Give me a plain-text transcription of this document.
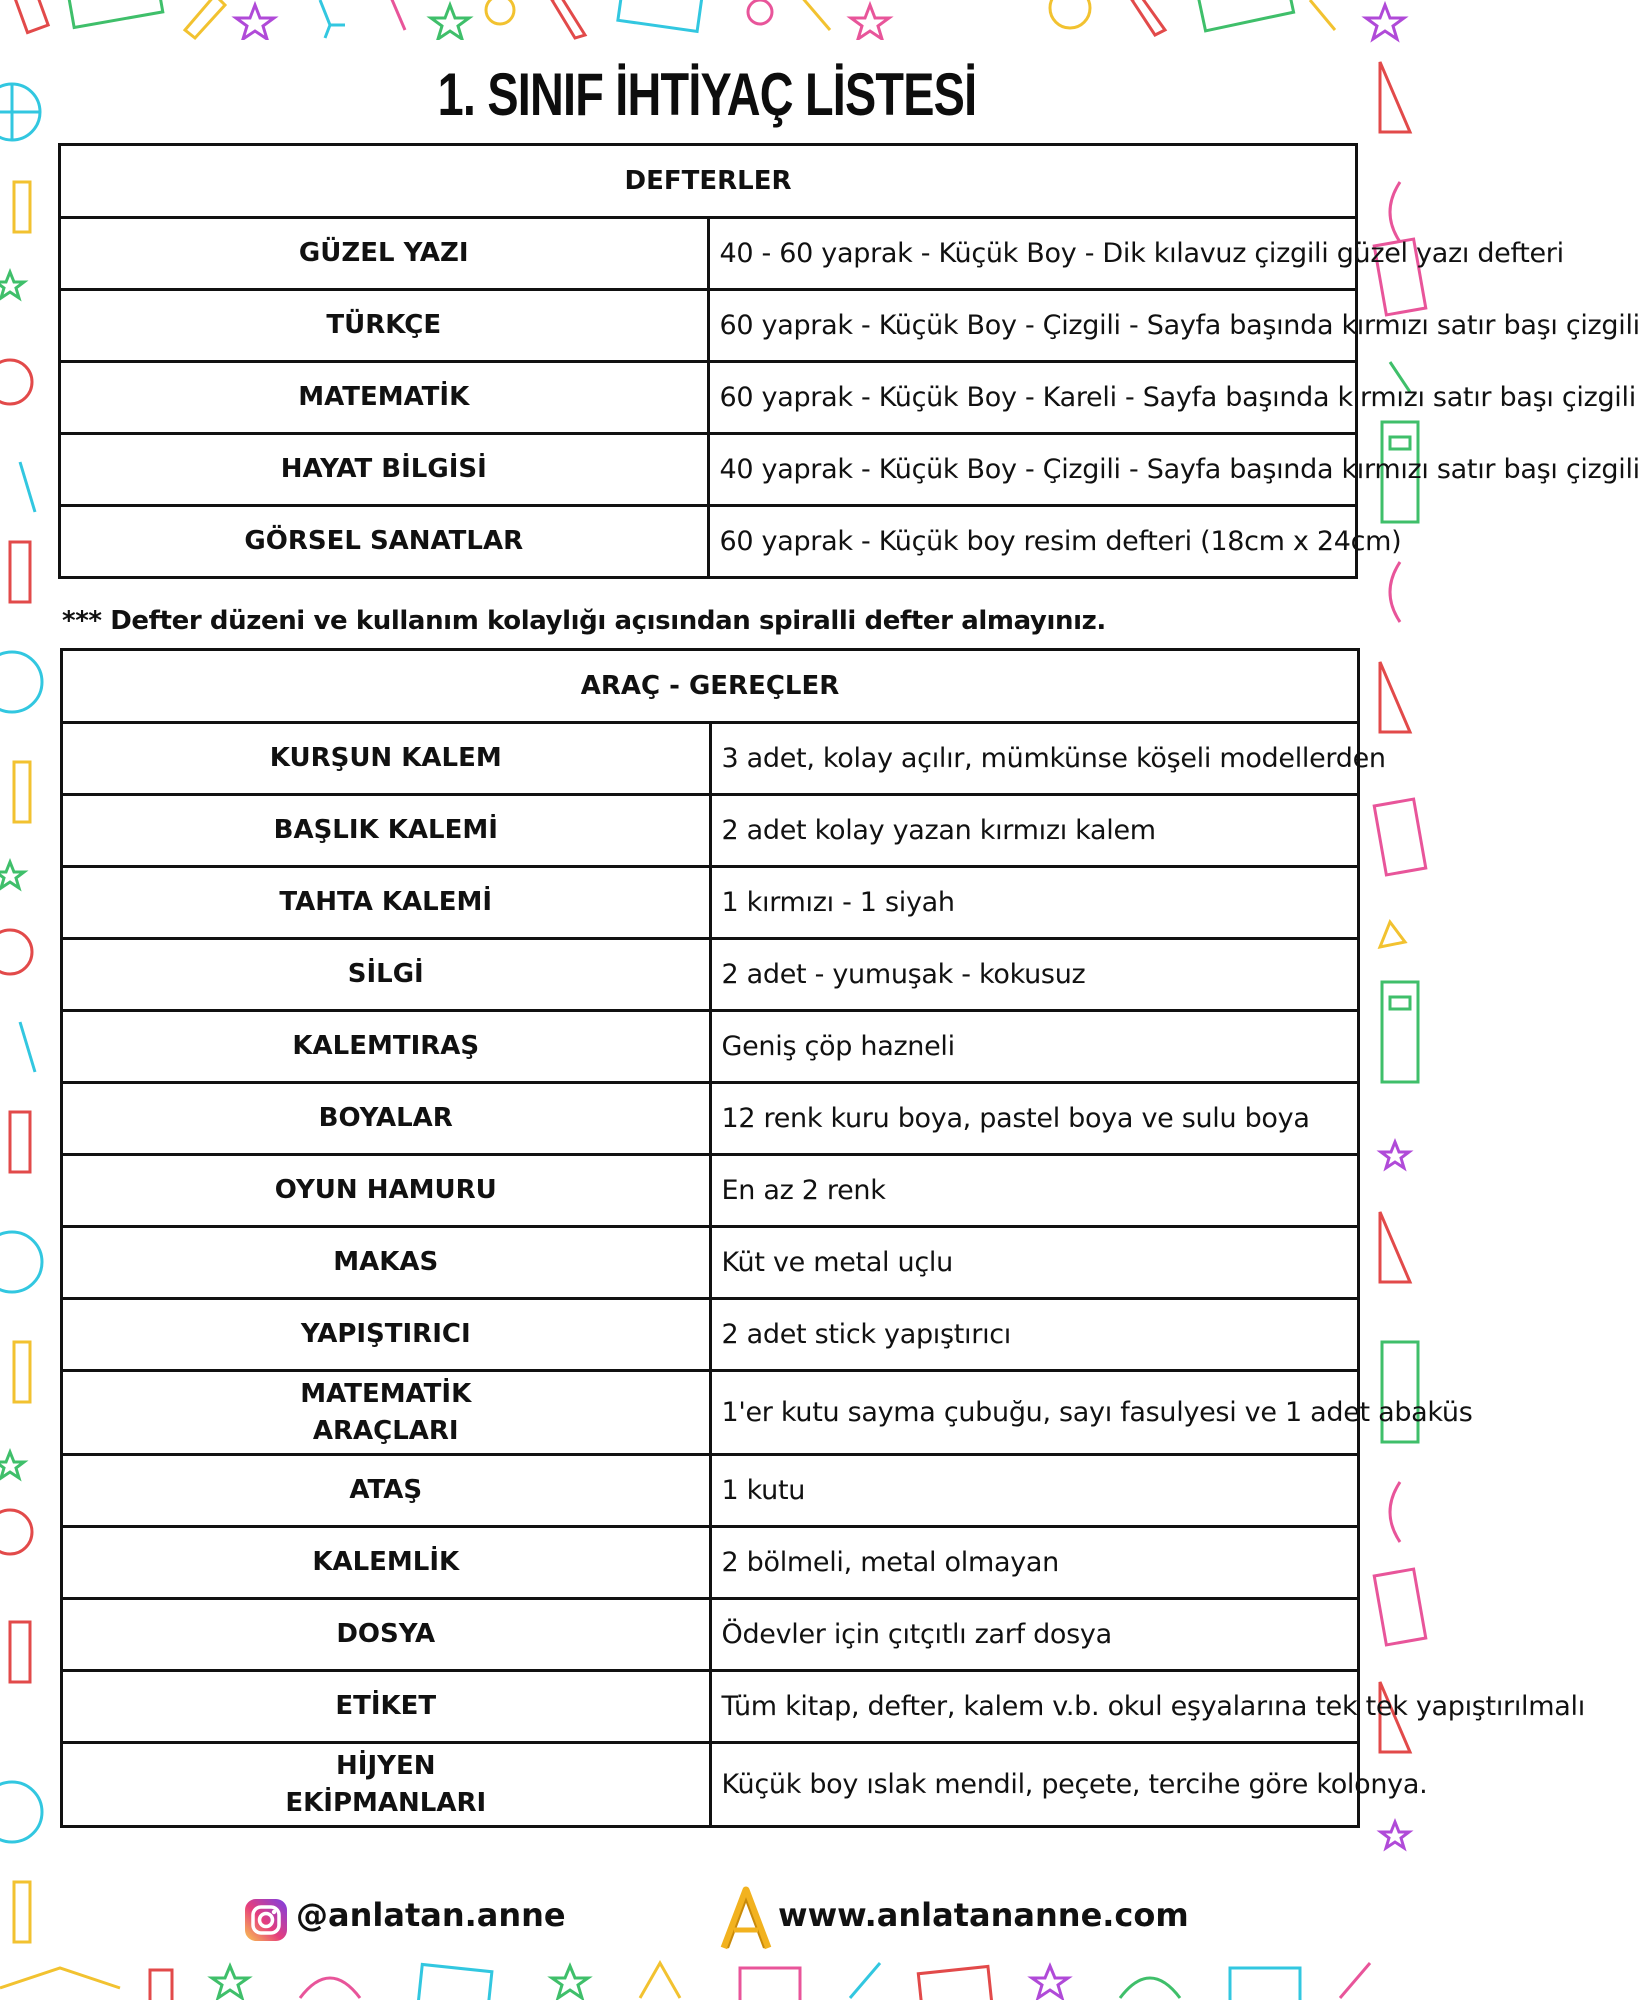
1. SINIF İHTİYAÇ LİSTESİ
DEFTERLER	
GÜZEL YAZI	40 - 60 yaprak - Küçük Boy - Dik kılavuz çizgili güzel yazı defteri
TÜRKÇE	60 yaprak - Küçük Boy - Çizgili - Sayfa başında kırmızı satır başı çizgili
MATEMATİK	60 yaprak - Küçük Boy - Kareli - Sayfa başında kırmızı satır başı çizgili
HAYAT BİLGİSİ	40 yaprak - Küçük Boy - Çizgili - Sayfa başında kırmızı satır başı çizgili
GÖRSEL SANATLAR	60 yaprak - Küçük boy resim defteri (18cm x 24cm)
*** Defter düzeni ve kullanım kolaylığı açısından spiralli defter almayınız.
ARAÇ - GEREÇLER	
KURŞUN KALEM	3 adet, kolay açılır, mümkünse köşeli modellerden
BAŞLIK KALEMİ	2 adet kolay yazan kırmızı kalem
TAHTA KALEMİ	1 kırmızı - 1 siyah
SİLGİ	2 adet - yumuşak - kokusuz
KALEMTIRAŞ	Geniş çöp hazneli
BOYALAR	12 renk kuru boya, pastel boya ve sulu boya
OYUN HAMURU	En az 2 renk
MAKAS	Küt ve metal uçlu
YAPIŞTIRICI	2 adet stick yapıştırıcı

MATEMATİK
ARAÇLARI	1'er kutu sayma çubuğu, sayı fasulyesi ve 1 adet abaküs
ATAŞ	1 kutu
KALEMLİK	2 bölmeli, metal olmayan
DOSYA	Ödevler için çıtçıtlı zarf dosya
ETİKET	Tüm kitap, defter, kalem v.b. okul eşyalarına tek tek yapıştırılmalı

HİJYEN
EKİPMANLARI	Küçük boy ıslak mendil, peçete, tercihe göre kolonya.
@anlatan.anne	www.anlatananne.com
